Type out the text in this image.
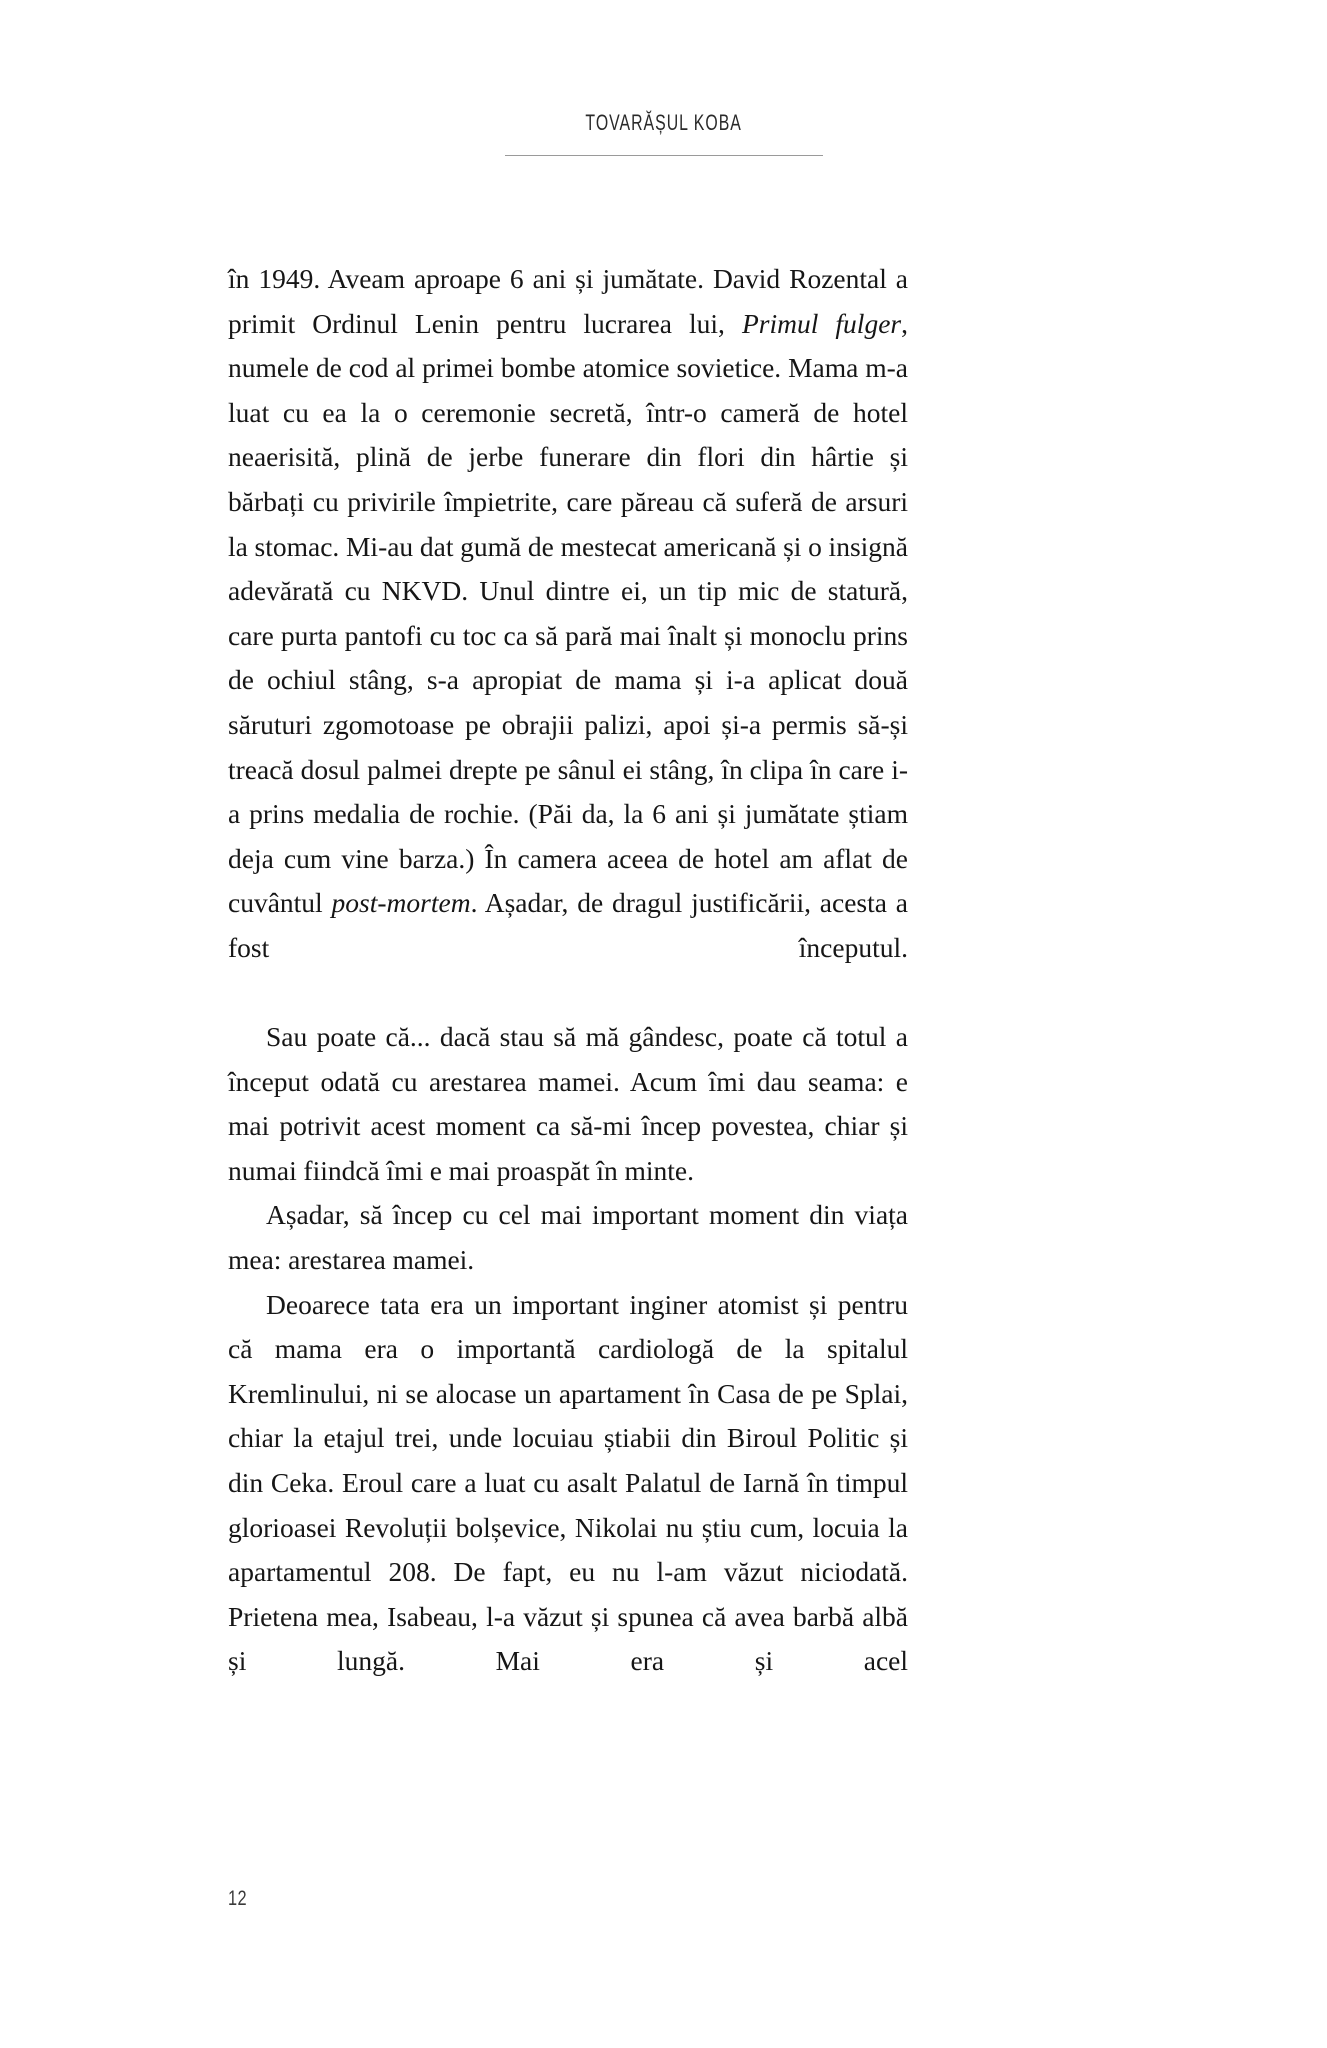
TOVARĂȘUL KOBA

în 1949. Aveam aproape 6 ani și jumătate. David Rozental a primit Ordinul Lenin pentru lucrarea lui, Primul fulger, numele de cod al primei bombe atomice sovietice. Mama m-a luat cu ea la o ceremonie secretă, într-o cameră de hotel neaerisită, plină de jerbe funerare din flori din hârtie și bărbați cu privirile împietrite, care păreau că suferă de arsuri la stomac. Mi-au dat gumă de mestecat americană și o insignă adevărată cu NKVD. Unul dintre ei, un tip mic de statură, care purta pantofi cu toc ca să pară mai înalt și monoclu prins de ochiul stâng, s-a apropiat de mama și i-a aplicat două săruturi zgomotoase pe obrajii palizi, apoi și-a permis să-și treacă dosul palmei drepte pe sânul ei stâng, în clipa în care i-a prins medalia de rochie. (Păi da, la 6 ani și jumătate știam deja cum vine barza.) În camera aceea de hotel am aflat de cuvântul post-mortem. Așadar, de dragul justificării, acesta a fost începutul.

Sau poate că... dacă stau să mă gândesc, poate că totul a început odată cu arestarea mamei. Acum îmi dau seama: e mai potrivit acest moment ca să-mi încep povestea, chiar și numai fiindcă îmi e mai proaspăt în minte.

Așadar, să încep cu cel mai important moment din viața mea: arestarea mamei.

Deoarece tata era un important inginer atomist și pentru că mama era o importantă cardiologă de la spitalul Kremlinului, ni se alocase un apartament în Casa de pe Splai, chiar la etajul trei, unde locuiau știabii din Biroul Politic și din Ceka. Eroul care a luat cu asalt Palatul de Iarnă în timpul glorioasei Revoluții bolșevice, Nikolai nu știu cum, locuia la apartamentul 208. De fapt, eu nu l-am văzut niciodată. Prietena mea, Isabeau, l-a văzut și spunea că avea barbă albă și lungă. Mai era și acel

12
